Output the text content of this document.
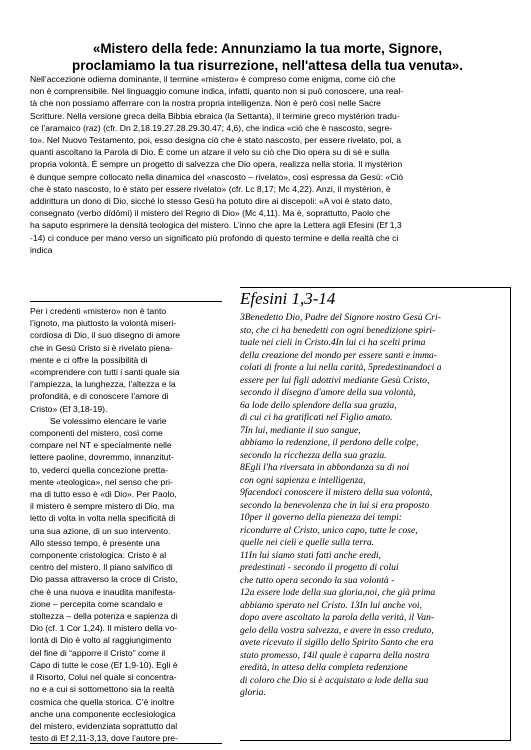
«Mistero della fede: Annunziamo la tua morte, Signore,
proclamiamo la tua risurrezione, nell'attesa della tua venuta».
Nell’accezione odierna dominante, il termine «mistero» è compreso come enigma, come ciò che
non è comprensibile. Nel linguaggio comune indica, infatti, quanto non si può conoscere, una real-
tà che non possiamo afferrare con la nostra propria intelligenza. Non è però così nelle Sacre
Scritture. Nella versione greca della Bibbia ebraica (la Settanta), il termine greco mystérion tradu-
ce l’aramaico (raz) (cfr. Dn 2,18.19.27.28.29.30.47; 4,6), che indica «ciò che è nascosto, segre-
to». Nel Nuovo Testamento, poi, esso designa ciò che è stato nascosto, per essere rivelato, poi, a
quanti ascoltano la Parola di Dio. È come un alzare il velo su ciò che Dio opera su di sé e sulla
propria volontà. È sempre un progetto di salvezza che Dio opera, realizza nella storia. Il mystérion
è dunque sempre collocato nella dinamica del «nascosto – rivelato», così espressa da Gesù: «Ciò
che è stato nascosto, lo è stato per essere rivelato» (cfr. Lc 8,17; Mc 4,22). Anzi, il mystérion, è
addirittura un dono di Dio, sicché lo stesso Gesù ha potuto dire ai discepoli: «A voi è stato dato,
consegnato (verbo dídōmi) il mistero del Regno di Dio» (Mc 4,11). Ma è, soprattutto, Paolo che
ha saputo esprimere la densità teologica del mistero. L’inno che apre la Lettera agli Efesini (Ef 1,3
-14) ci conduce per mano verso un significato più profondo di questo termine e della realtà che ci
indica
Per i credenti «mistero» non è tanto
l’ignoto, ma piuttosto la volontà miseri-
cordiosa di Dio, il suo disegno di amore
che in Gesù Cristo si è rivelato piena-
mente e ci offre la possibilità di
«comprendere con tutti i santi quale sia
l’ampiezza, la lunghezza, l’altezza e la
profondità, e di conoscere l’amore di
Cristo» (Ef 3,18-19).
Se volessimo elencare le varie
componenti del mistero, così come
compare nel NT e specialmente nelle
lettere paoline, dovremmo, innanzitut-
to, vederci quella concezione pretta-
mente «teologica», nel senso che pri-
ma di tutto esso è «di Dio». Per Paolo,
il mistero è sempre mistero di Dio, ma
letto di volta in volta nella specificità di
una sua azione, di un suo intervento.
Allo stesso tempo, è presente una
componente cristologica: Cristo è al
centro del mistero. Il piano salvifico di
Dio passa attraverso la croce di Cristo,
che è una nuova e inaudita manifesta-
zione – percepita come scandalo e
stoltezza – della potenza e sapienza di
Dio (cf. 1 Cor 1,24). Il mistero della vo-
lontà di Dio è volto al raggiungimento
del fine di “apporre il Cristo” come il
Capo di tutte le cose (Ef 1,9-10). Egli è
il Risorto, Colui nel quale si concentra-
no e a cui si sottomettono sia la realtà
cosmica che quella storica. C’è inoltre
anche una componente ecclesiologica
del mistero, evidenziata soprattutto dal
testo di Ef 2,11-3,13, dove l’autore pre-
Efesini 1,3-14
3Benedetto Dio, Padre del Signore nostro Gesù Cri-
sto, che ci ha benedetti con ogni benedizione spiri-
tuale nei cieli in Cristo.4In lui ci ha scelti prima
della creazione del mondo per essere santi e imma-
colati di fronte a lui nella carità, 5predestinandoci a
essere per lui figli adottivi mediante Gesù Cristo,
secondo il disegno d'amore della sua volontà,
6a lode dello splendore della sua grazia,
di cui ci ha gratificati nel Figlio amato.
7In lui, mediante il suo sangue,
abbiamo la redenzione, il perdono delle colpe,
secondo la ricchezza della sua grazia.
8Egli l'ha riversata in abbondanza su di noi
con ogni sapienza e intelligenza,
9facendoci conoscere il mistero della sua volontà,
secondo la benevolenza che in lui si era proposto
10per il governo della pienezza dei tempi:
ricondurre al Cristo, unico capo, tutte le cose,
quelle nei cieli e quelle sulla terra.
11In lui siamo stati fatti anche eredi,
predestinati - secondo il progetto di colui
che tutto opera secondo la sua volontà -
12a essere lode della sua gloria,noi, che già prima
abbiamo sperato nel Cristo. 13In lui anche voi,
dopo avere ascoltato la parola della verità, il Van-
gelo della vostra salvezza, e avere in esso creduto,
avete ricevuto il sigillo dello Spirito Santo che era
stato promesso, 14il quale è caparra della nostra
eredità, in attesa della completa redenzione
di coloro che Dio si è acquistato a lode della sua
gloria.
